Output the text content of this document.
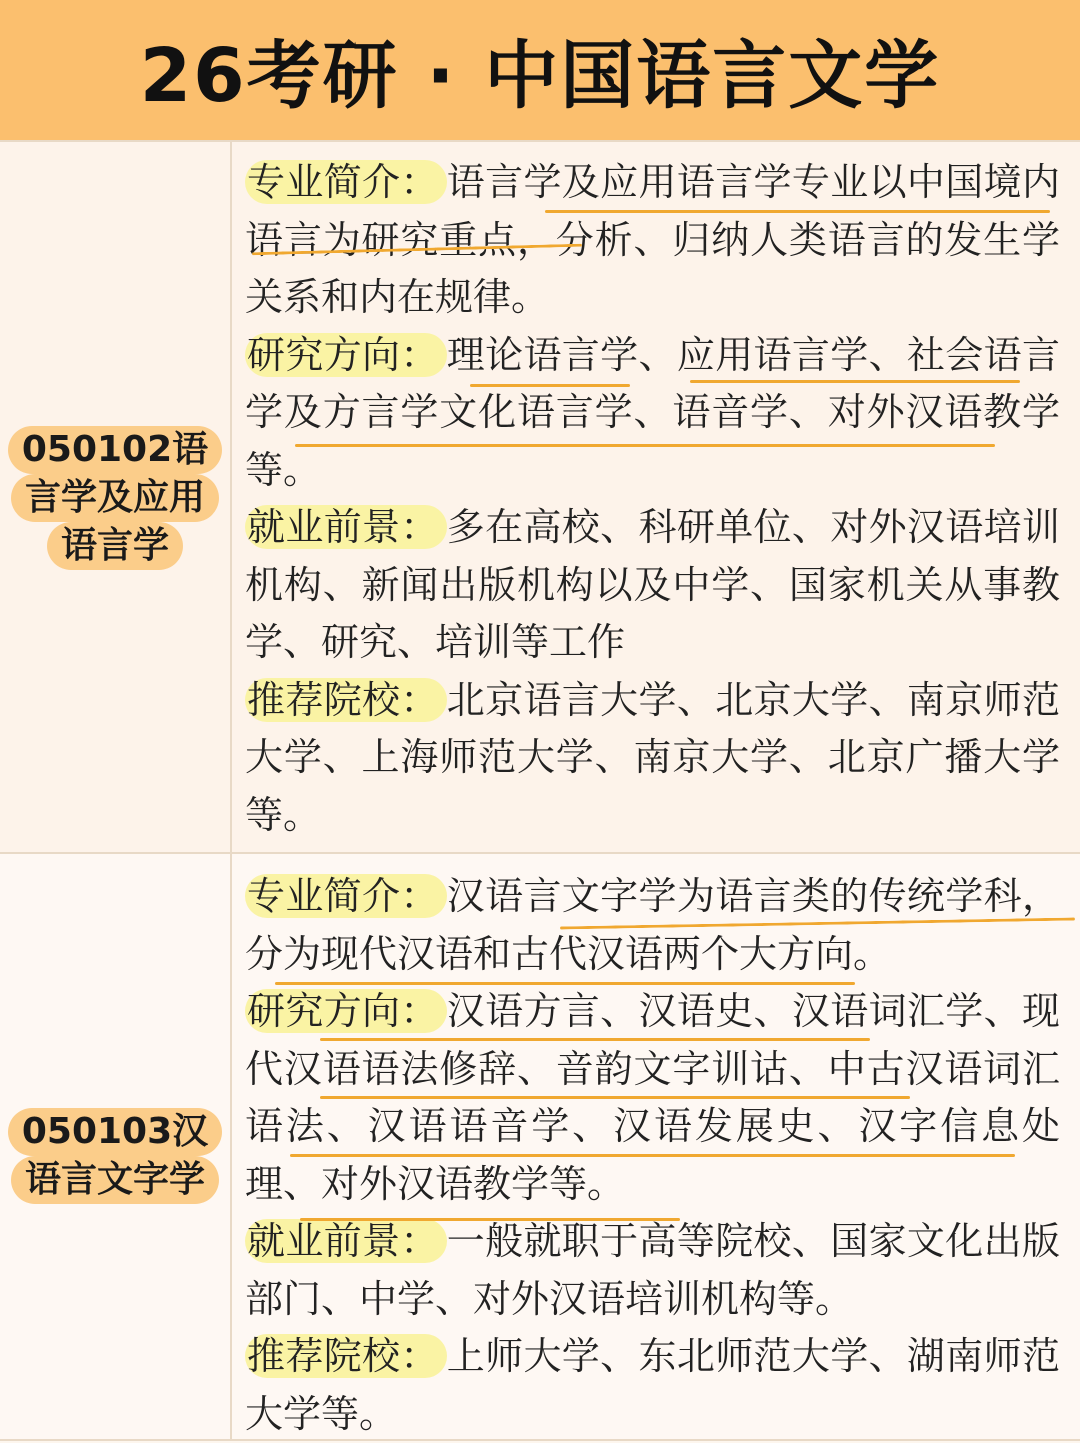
26考研 · 中国语言文学
050102语
言学及应用
语言学

专业简介： 语言学及应用语言学专业以中国境内语言为研究重点，分析、归纳人类语言的发生学关系和内在规律。

研究方向： 理论语言学、应用语言学、社会语言学及方言学文化语言学、语音学、对外汉语教学等。

就业前景： 多在高校、科研单位、对外汉语培训机构、新闻出版机构以及中学、国家机关从事教学、研究、培训等工作

推荐院校： 北京语言大学、北京大学、南京师范大学、上海师范大学、南京大学、北京广播大学等。

050103汉
语言文字学

专业简介： 汉语言文字学为语言类的传统学科，分为现代汉语和古代汉语两个大方向。

研究方向： 汉语方言、汉语史、汉语词汇学、现代汉语语法修辞、音韵文字训诂、中古汉语词汇语法、汉语语音学、汉语发展史、汉字信息处理、对外汉语教学等。

就业前景： 一般就职于高等院校、国家文化出版部门、中学、对外汉语培训机构等。

推荐院校： 上师大学、东北师范大学、湖南师范大学等。
